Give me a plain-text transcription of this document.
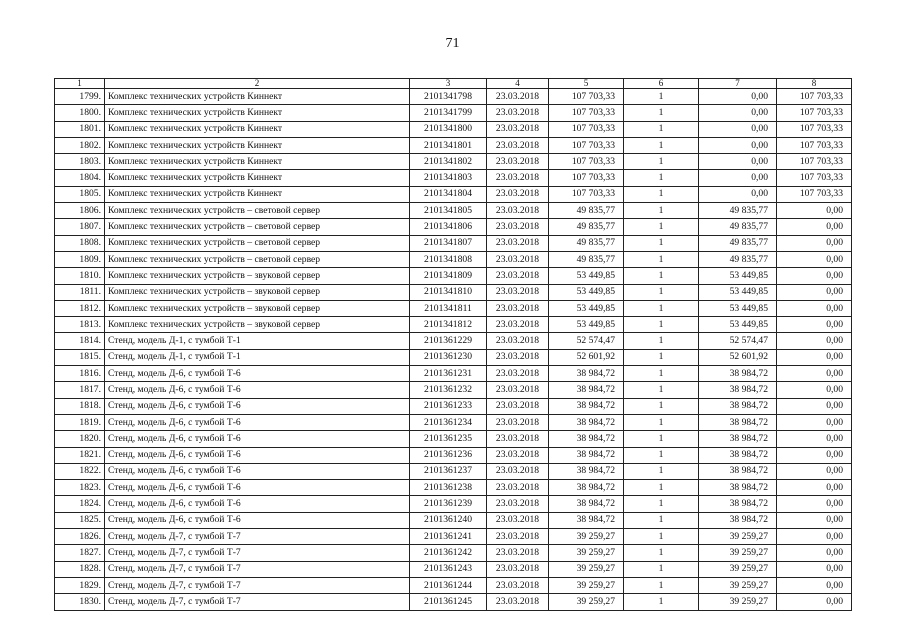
71
1	2	3	4	5	6	7	8
1799.	Комплекс технических устройств Киннект	2101341798	23.03.2018	107 703,33	1	0,00	107 703,33
1800.	Комплекс технических устройств Киннект	2101341799	23.03.2018	107 703,33	1	0,00	107 703,33
1801.	Комплекс технических устройств Киннект	2101341800	23.03.2018	107 703,33	1	0,00	107 703,33
1802.	Комплекс технических устройств Киннект	2101341801	23.03.2018	107 703,33	1	0,00	107 703,33
1803.	Комплекс технических устройств Киннект	2101341802	23.03.2018	107 703,33	1	0,00	107 703,33
1804.	Комплекс технических устройств Киннект	2101341803	23.03.2018	107 703,33	1	0,00	107 703,33
1805.	Комплекс технических устройств Киннект	2101341804	23.03.2018	107 703,33	1	0,00	107 703,33
1806.	Комплекс технических устройств – световой сервер	2101341805	23.03.2018	49 835,77	1	49 835,77	0,00
1807.	Комплекс технических устройств – световой сервер	2101341806	23.03.2018	49 835,77	1	49 835,77	0,00
1808.	Комплекс технических устройств – световой сервер	2101341807	23.03.2018	49 835,77	1	49 835,77	0,00
1809.	Комплекс технических устройств – световой сервер	2101341808	23.03.2018	49 835,77	1	49 835,77	0,00
1810.	Комплекс технических устройств – звуковой сервер	2101341809	23.03.2018	53 449,85	1	53 449,85	0,00
1811.	Комплекс технических устройств – звуковой сервер	2101341810	23.03.2018	53 449,85	1	53 449,85	0,00
1812.	Комплекс технических устройств – звуковой сервер	2101341811	23.03.2018	53 449,85	1	53 449,85	0,00
1813.	Комплекс технических устройств – звуковой сервер	2101341812	23.03.2018	53 449,85	1	53 449,85	0,00
1814.	Стенд, модель Д-1, с тумбой Т-1	2101361229	23.03.2018	52 574,47	1	52 574,47	0,00
1815.	Стенд, модель Д-1, с тумбой Т-1	2101361230	23.03.2018	52 601,92	1	52 601,92	0,00
1816.	Стенд, модель Д-6, с тумбой Т-6	2101361231	23.03.2018	38 984,72	1	38 984,72	0,00
1817.	Стенд, модель Д-6, с тумбой Т-6	2101361232	23.03.2018	38 984,72	1	38 984,72	0,00
1818.	Стенд, модель Д-6, с тумбой Т-6	2101361233	23.03.2018	38 984,72	1	38 984,72	0,00
1819.	Стенд, модель Д-6, с тумбой Т-6	2101361234	23.03.2018	38 984,72	1	38 984,72	0,00
1820.	Стенд, модель Д-6, с тумбой Т-6	2101361235	23.03.2018	38 984,72	1	38 984,72	0,00
1821.	Стенд, модель Д-6, с тумбой Т-6	2101361236	23.03.2018	38 984,72	1	38 984,72	0,00
1822.	Стенд, модель Д-6, с тумбой Т-6	2101361237	23.03.2018	38 984,72	1	38 984,72	0,00
1823.	Стенд, модель Д-6, с тумбой Т-6	2101361238	23.03.2018	38 984,72	1	38 984,72	0,00
1824.	Стенд, модель Д-6, с тумбой Т-6	2101361239	23.03.2018	38 984,72	1	38 984,72	0,00
1825.	Стенд, модель Д-6, с тумбой Т-6	2101361240	23.03.2018	38 984,72	1	38 984,72	0,00
1826.	Стенд, модель Д-7, с тумбой Т-7	2101361241	23.03.2018	39 259,27	1	39 259,27	0,00
1827.	Стенд, модель Д-7, с тумбой Т-7	2101361242	23.03.2018	39 259,27	1	39 259,27	0,00
1828.	Стенд, модель Д-7, с тумбой Т-7	2101361243	23.03.2018	39 259,27	1	39 259,27	0,00
1829.	Стенд, модель Д-7, с тумбой Т-7	2101361244	23.03.2018	39 259,27	1	39 259,27	0,00
1830.	Стенд, модель Д-7, с тумбой Т-7	2101361245	23.03.2018	39 259,27	1	39 259,27	0,00
